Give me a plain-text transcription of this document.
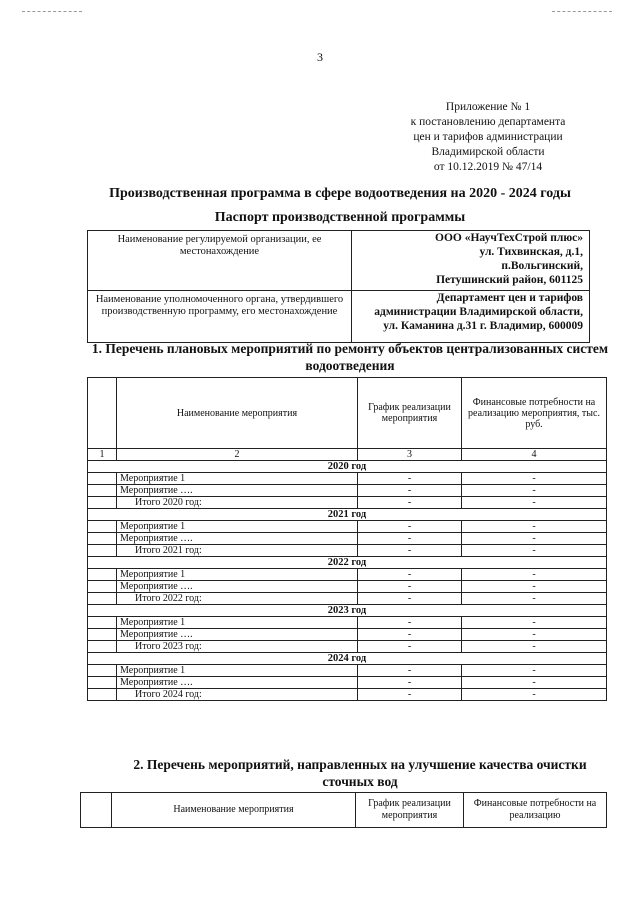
3
Приложение № 1
к постановлению департамента
цен и тарифов администрации
Владимирской области
от 10.12.2019 № 47/14
Производственная программа в сфере водоотведения на 2020 - 2024 годы
Паспорт производственной программы
Наименование регулируемой организации, ее местонахождение	ООО «НаучТехСтрой плюс»
ул. Тихвинская, д.1,
п.Вольгинский,
Петушинский район, 601125

Наименование уполномоченного органа, утвердившего производственную программу, его местонахождение	Департамент цен и тарифов
администрации Владимирской области,
ул. Каманина д.31 г. Владимир, 600009
1. Перечень плановых мероприятий по ремонту объектов централизованных систем водоотведения
	Наименование мероприятия	График реализации мероприятия	Финансовые потребности на реализацию мероприятия, тыс. руб.
1	2	3	4
2020 год			
	Мероприятие 1	-	-
	Мероприятие ….	-	-
	Итого 2020 год:	-	-
2021 год			
	Мероприятие 1	-	-
	Мероприятие ….	-	-
	Итого 2021 год:	-	-
2022 год			
	Мероприятие 1	-	-
	Мероприятие ….	-	-
	Итого 2022 год:	-	-
2023 год			
	Мероприятие 1	-	-
	Мероприятие ….	-	-
	Итого 2023 год:	-	-
2024 год			
	Мероприятие 1	-	-
	Мероприятие ….	-	-
	Итого 2024 год:	-	-
2. Перечень мероприятий, направленных на улучшение качества очистки сточных вод
	Наименование мероприятия	График реализации мероприятия	Финансовые потребности на реализацию
